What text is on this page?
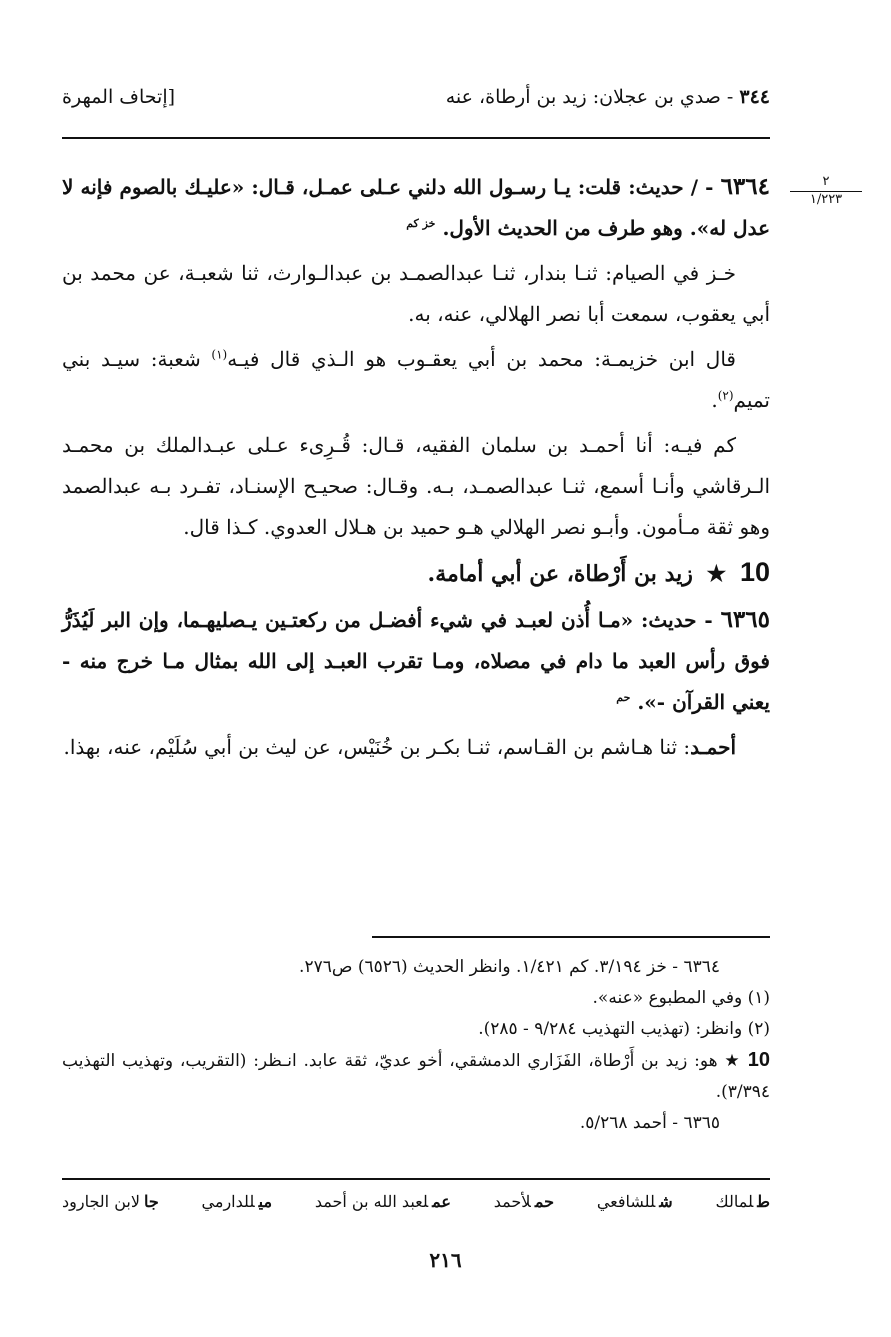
[إتحاف المهرة	٣٤٤ - صدي بن عجلان: زيد بن أرطاة، عنه
٢
١/٢٢٣

٦٣٦٤ - / حديث: قلت: يـا رسـول الله دلني عـلى عمـل، قـال: «عليـك بالصوم فإنه لا عدل له». وهو طرف من الحديث الأول. $^{خز كم}$

خـز في الصيام: ثنـا بندار، ثنـا عبدالصمـد بن عبدالـوارث، ثنا شعبـة، عن محمد بن أبي يعقوب، سمعت أبا نصر الهلالي، عنه، به.

قال ابن خزيمـة: محمد بن أبي يعقـوب هو الـذي قال فيـه$^{(١)}$ شعبة: سيـد بني تميم$^{(٢)}$.

كم فيـه: أنا أحمـد بن سلمان الفقيه، قـال: قُـرِىء عـلى عبـدالملك بن محمـد الـرقاشي وأنـا أسمع، ثنـا عبدالصمـد، بـه. وقـال: صحيـح الإسنـاد، تفـرد بـه عبدالصمد وهو ثقة مـأمون. وأبـو نصر الهلالي هـو حميد بن هـلال العدوي. كـذا قال.

10 ★ زيد بن أَرْطاة، عن أبي أمامة.

٦٣٦٥ - حديث: «مـا أُذن لعبـد في شيء أفضـل من ركعتـين يـصليهـما، وإن البر لَيُذَرُّ فوق رأس العبد ما دام في مصلاه، ومـا تقرب العبـد إلى الله بمثال مـا خرج منه - يعني القرآن -». $^{حم}$

أحمـد: ثنا هـاشم بن القـاسم، ثنـا بكـر بن خُنَيْس، عن ليث بن أبي سُلَيْم، عنه، بهذا.

٦٣٦٤ - خز ٣/١٩٤. كم ١/٤٢١. وانظر الحديث (٦٥٢٦) ص٢٧٦.

(١) وفي المطبوع «عنه».

(٢) وانظر: (تهذيب التهذيب ٩/٢٨٤ - ٢٨٥).

10 ★ هو: زيد بن أَرْطاة، الفَزَاري الدمشقي، أخو عديّ، ثقة عابد. انـظر: (التقريب، وتهذيب التهذيب ٣/٣٩٤).

٦٣٦٥ - أحمد ٥/٢٦٨.

طلمالك
شللشافعي
حملأحمد
عملعبد الله بن أحمد
ميللدارمي
جالابن الجارود
٢١٦
